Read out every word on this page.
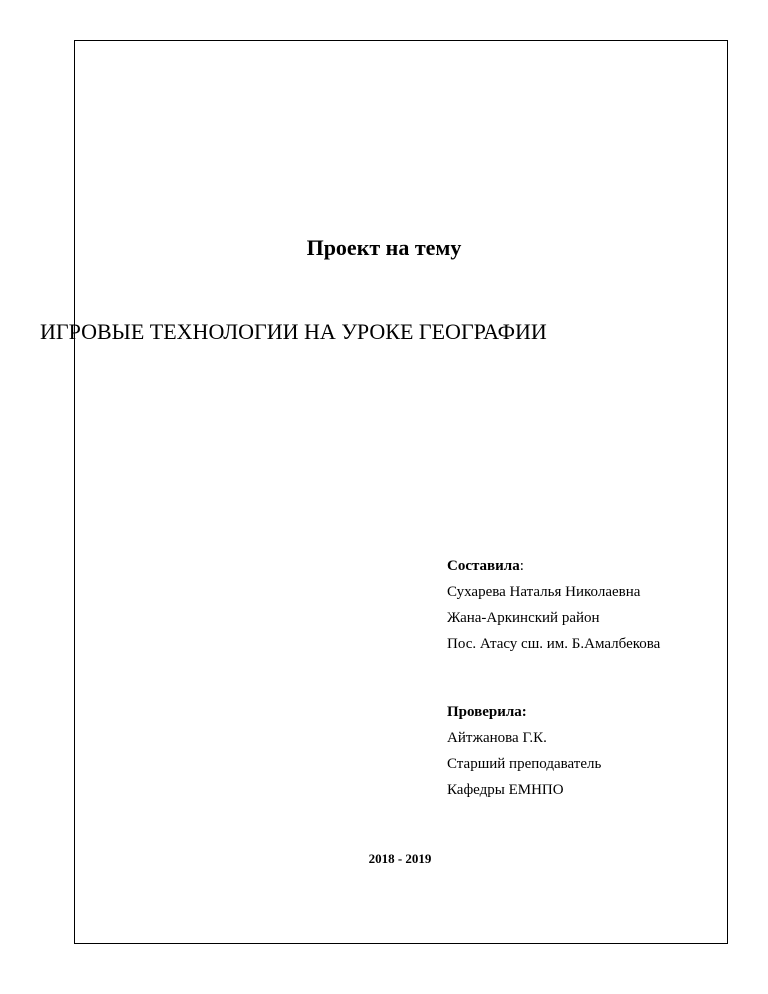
Проект на тему
ИГРОВЫЕ ТЕХНОЛОГИИ НА УРОКЕ ГЕОГРАФИИ
Составила:
Сухарева Наталья Николаевна
Жана-Аркинский район
Пос. Атасу сш. им. Б.Амалбекова
Проверила:
Айтжанова Г.К.
Старший преподаватель
Кафедры ЕМНПО
2018 - 2019
